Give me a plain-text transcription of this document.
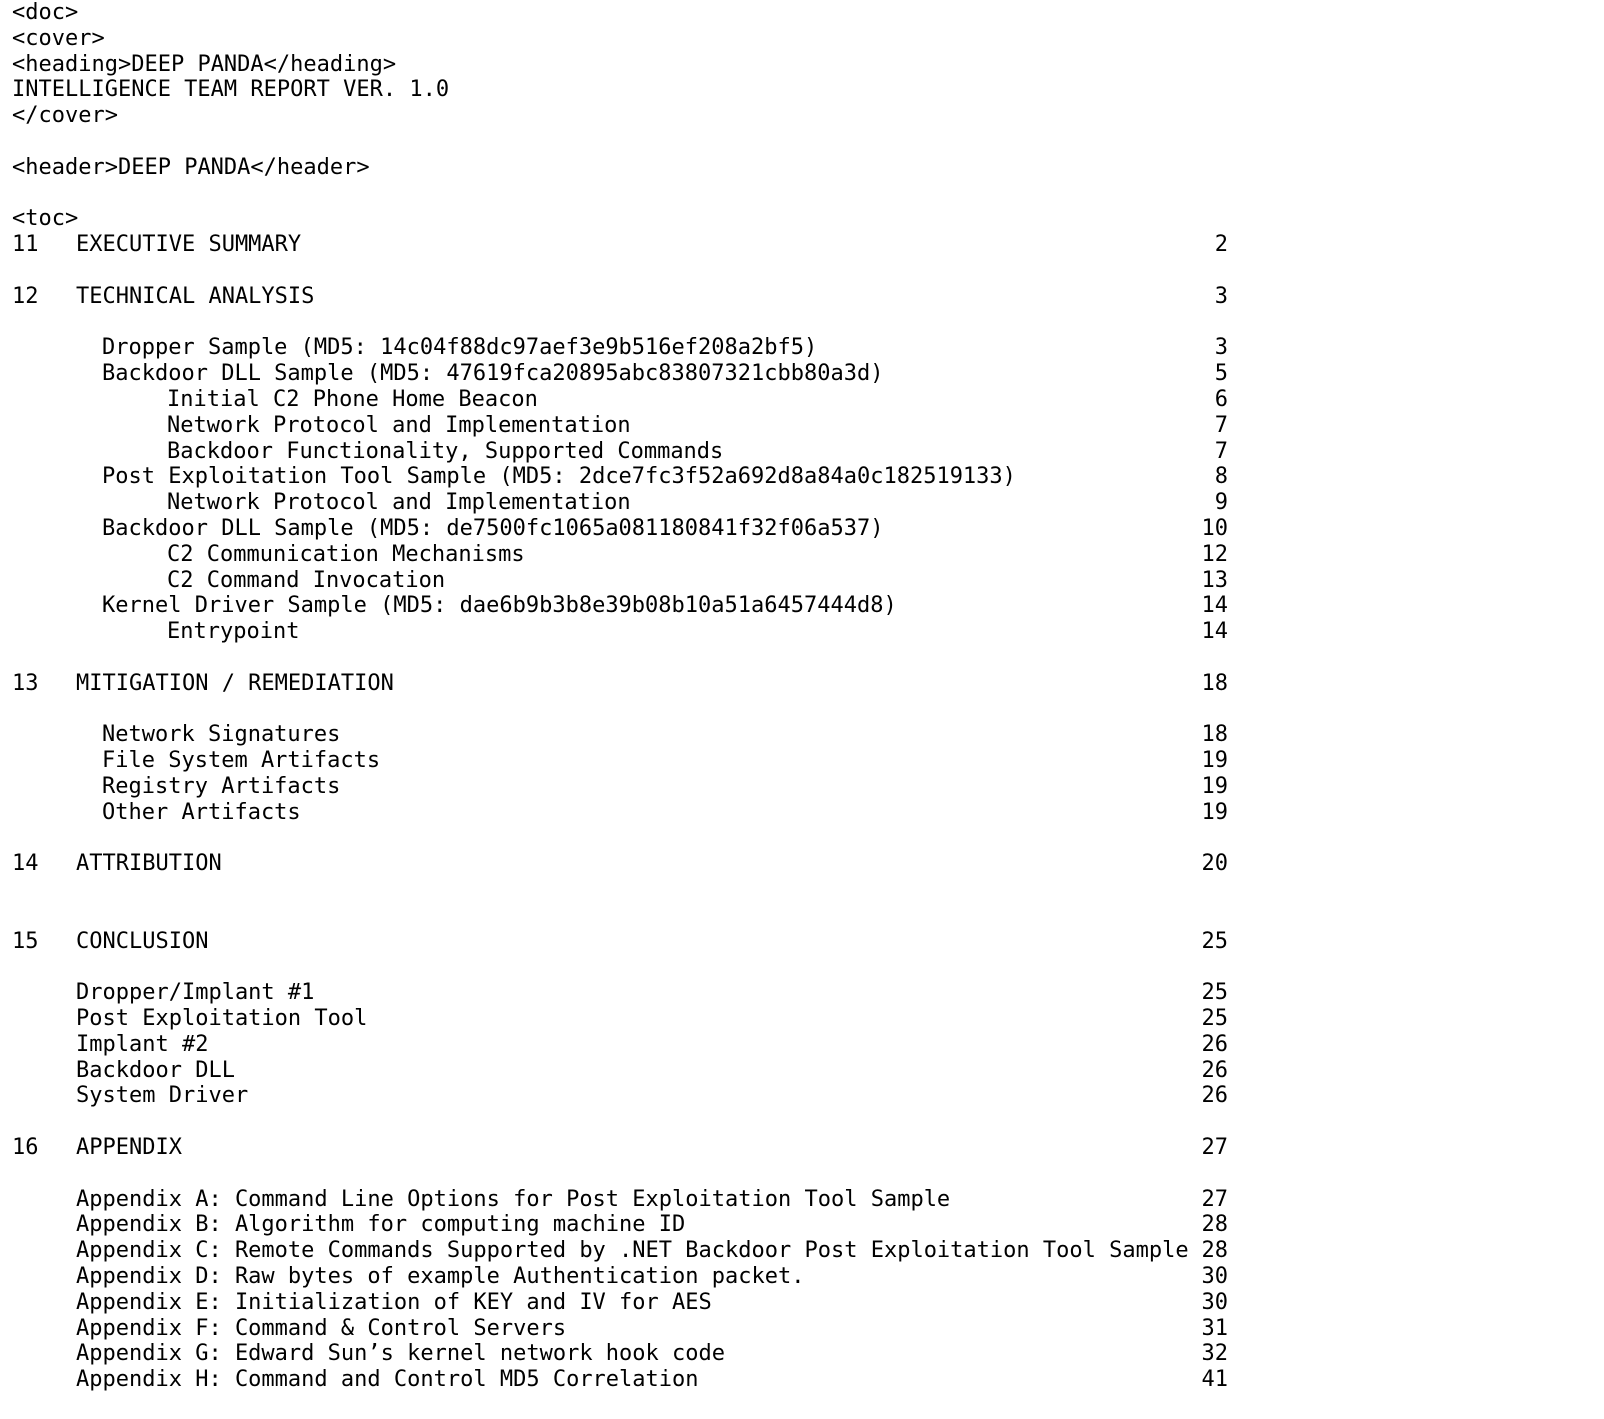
<doc>
<cover>
<heading>DEEP PANDA</heading>
INTELLIGENCE TEAM REPORT VER. 1.0
</cover>
<header>DEEP PANDA</header>
<toc>
11 EXECUTIVE SUMMARY	2
12 TECHNICAL ANALYSIS	3
Dropper Sample (MD5: 14c04f88dc97aef3e9b516ef208a2bf5)	3
Backdoor DLL Sample (MD5: 47619fca20895abc83807321cbb80a3d)	5
Initial C2 Phone Home Beacon	6
Network Protocol and Implementation	7
Backdoor Functionality, Supported Commands	7
Post Exploitation Tool Sample (MD5: 2dce7fc3f52a692d8a84a0c182519133)	8
Network Protocol and Implementation	9
Backdoor DLL Sample (MD5: de7500fc1065a081180841f32f06a537)	10
C2 Communication Mechanisms	12
C2 Command Invocation	13
Kernel Driver Sample (MD5: dae6b9b3b8e39b08b10a51a6457444d8)	14
Entrypoint	14
13 MITIGATION / REMEDIATION	18
Network Signatures	18
File System Artifacts	19
Registry Artifacts	19
Other Artifacts	19
14 ATTRIBUTION	20
15 CONCLUSION	25
Dropper/Implant #1	25
Post Exploitation Tool	25
Implant #2	26
Backdoor DLL	26
System Driver	26
16 APPENDIX	27
Appendix A: Command Line Options for Post Exploitation Tool Sample	27
Appendix B: Algorithm for computing machine ID	28
Appendix C: Remote Commands Supported by .NET Backdoor Post Exploitation Tool Sample 28
Appendix D: Raw bytes of example Authentication packet.	30
Appendix E: Initialization of KEY and IV for AES	30
Appendix F: Command & Control Servers	31
Appendix G: Edward Sun’s kernel network hook code	32
Appendix H: Command and Control MD5 Correlation	41
